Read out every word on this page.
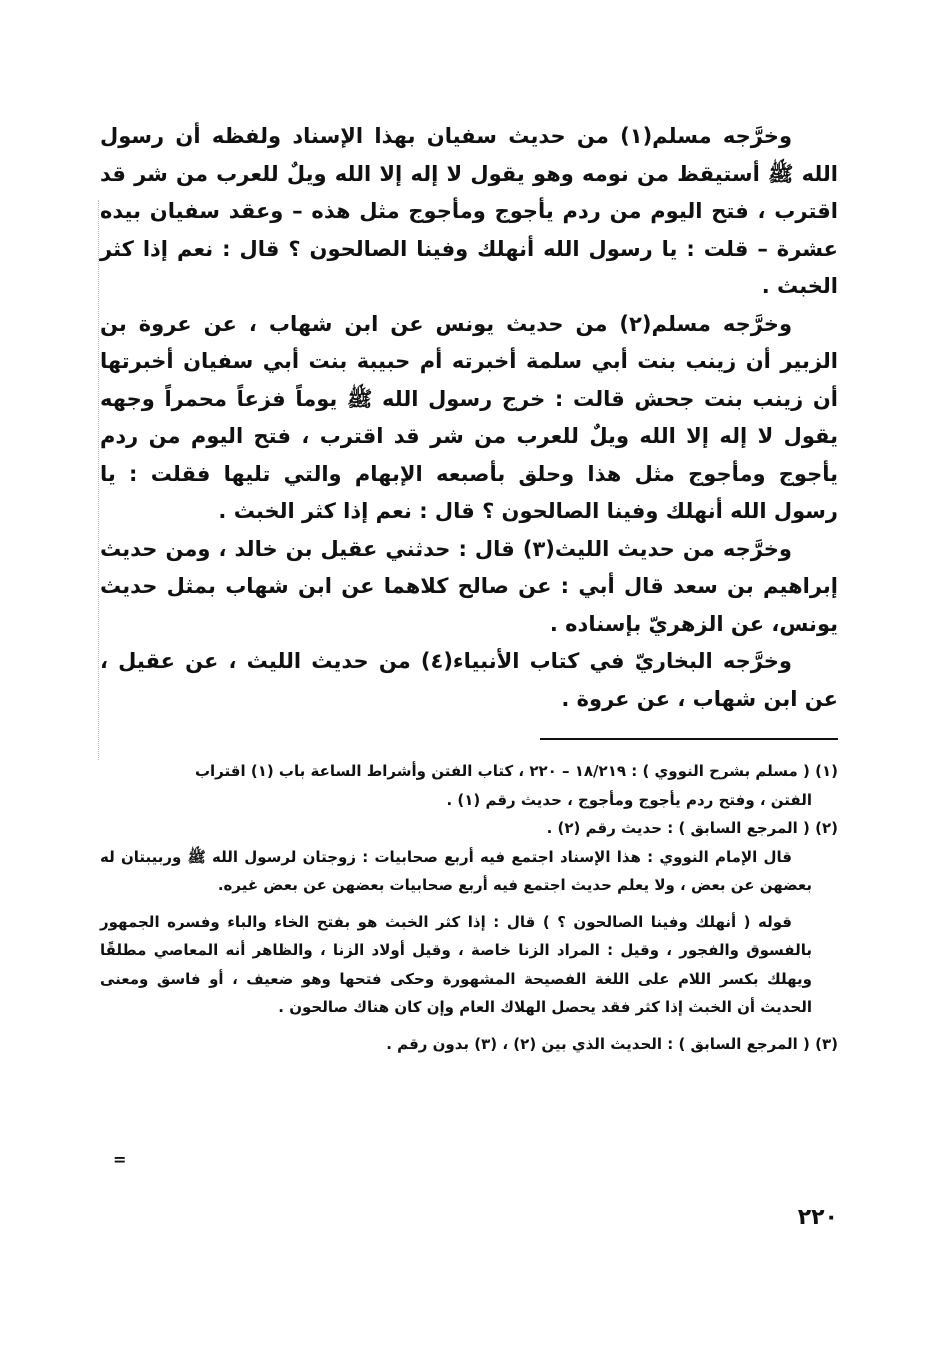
وخرَّجه مسلم(١) من حديث سفيان بهذا الإسناد ولفظه أن رسول الله ﷺ أستيقظ من نومه وهو يقول لا إله إلا الله ويلٌ للعرب من شر قد اقترب ، فتح اليوم من ردم يأجوج ومأجوج مثل هذه – وعقد سفيان بيده عشرة – قلت : يا رسول الله أنهلك وفينا الصالحون ؟ قال : نعم إذا كثر الخبث .

وخرَّجه مسلم(٢) من حديث يونس عن ابن شهاب ، عن عروة بن الزبير أن زينب بنت أبي سلمة أخبرته أم حبيبة بنت أبي سفيان أخبرتها أن زينب بنت جحش قالت : خرج رسول الله ﷺ يوماً فزعاً محمراً وجهه يقول لا إله إلا الله ويلٌ للعرب من شر قد اقترب ، فتح اليوم من ردم يأجوج ومأجوج مثل هذا وحلق بأصبعه الإبهام والتي تليها فقلت : يا رسول الله أنهلك وفينا الصالحون ؟ قال : نعم إذا كثر الخبث .

وخرَّجه من حديث الليث(٣) قال : حدثني عقيل بن خالد ، ومن حديث إبراهيم بن سعد قال أبي : عن صالح كلاهما عن ابن شهاب بمثل حديث يونس، عن الزهريّ بإسناده .

وخرَّجه البخاريّ في كتاب الأنبياء(٤) من حديث الليث ، عن عقيل ، عن ابن شهاب ، عن عروة .

(١) ( مسلم بشرح النووي ) : ١٨/٢١٩ – ٢٢٠ ، كتاب الفتن وأشراط الساعة باب (١) اقتراب

الفتن ، وفتح ردم يأجوج ومأجوج ، حديث رقم (١) .

(٢) ( المرجع السابق ) : حديث رقم (٢) .

قال الإمام النووي : هذا الإسناد اجتمع فيه أربع صحابيات : زوجتان لرسول الله ﷺ وربيبتان له بعضهن عن بعض ، ولا يعلم حديث اجتمع فيه أربع صحابيات بعضهن عن بعض غيره.

قوله ( أنهلك وفينا الصالحون ؟ ) قال : إذا كثر الخبث هو بفتح الخاء والباء وفسره الجمهور بالفسوق والفجور ، وقيل : المراد الزنا خاصة ، وقيل أولاد الزنا ، والظاهر أنه المعاصي مطلقًا ويهلك بكسر اللام على اللغة الفصيحة المشهورة وحكى فتحها وهو ضعيف ، أو فاسق ومعنى الحديث أن الخبث إذا كثر فقد يحصل الهلاك العام وإن كان هناك صالحون .

(٣) ( المرجع السابق ) : الحديث الذي بين (٢) ، (٣) بدون رقم .

=
٢٢٠
